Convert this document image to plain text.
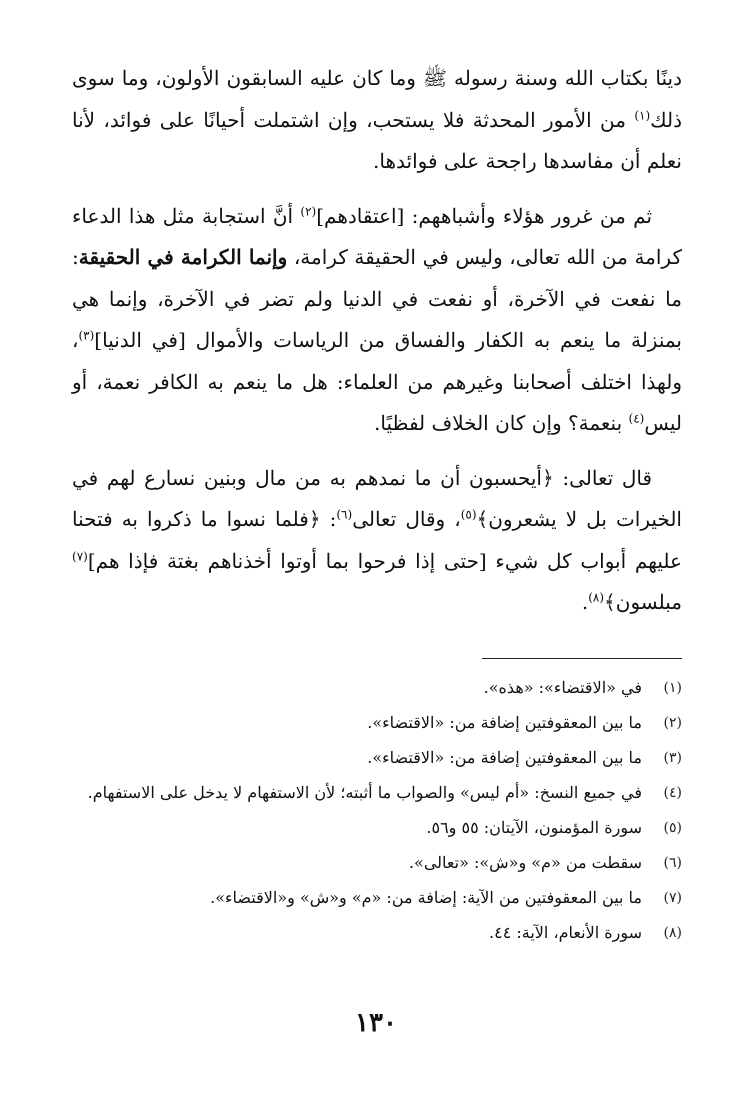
دينًا بكتاب الله وسنة رسوله ﷺ وما كان عليه السابقون الأولون، وما سوى ذلك$^{(١)}$ من الأمور المحدثة فلا يستحب، وإن اشتملت أحيانًا على فوائد، لأنا نعلم أن مفاسدها راجحة على فوائدها.

ثم من غرور هؤلاء وأشباههم: [اعتقادهم]$^{(٢)}$ أنَّ استجابة مثل هذا الدعاء كرامة من الله تعالى، وليس في الحقيقة كرامة، وإنما الكرامة في الحقيقة: ما نفعت في الآخرة، أو نفعت في الدنيا ولم تضر في الآخرة، وإنما هي بمنزلة ما ينعم به الكفار والفساق من الرياسات والأموال [في الدنيا]$^{(٣)}$، ولهذا اختلف أصحابنا وغيرهم من العلماء: هل ما ينعم به الكافر نعمة، أو ليس$^{(٤)}$ بنعمة؟ وإن كان الخلاف لفظيًا.

قال تعالى: ﴿أيحسبون أن ما نمدهم به من مال وبنين نسارع لهم في الخيرات بل لا يشعرون﴾$^{(٥)}$، وقال تعالى$^{(٦)}$: ﴿فلما نسوا ما ذكروا به فتحنا عليهم أبواب كل شيء [حتى إذا فرحوا بما أوتوا أخذناهم بغتة فإذا هم]$^{(٧)}$ مبلسون﴾$^{(٨)}$.

(١)
في «الاقتضاء»: «هذه».
(٢)
ما بين المعقوفتين إضافة من: «الاقتضاء».
(٣)
ما بين المعقوفتين إضافة من: «الاقتضاء».
(٤)
في جميع النسخ: «أم ليس» والصواب ما أثبته؛ لأن الاستفهام لا يدخل على الاستفهام.
(٥)
سورة المؤمنون، الآيتان: ٥٥ و٥٦.
(٦)
سقطت من «م» و«ش»: «تعالى».
(٧)
ما بين المعقوفتين من الآية: إضافة من: «م» و«ش» و«الاقتضاء».
(٨)
سورة الأنعام، الآية: ٤٤.
١٣٠
